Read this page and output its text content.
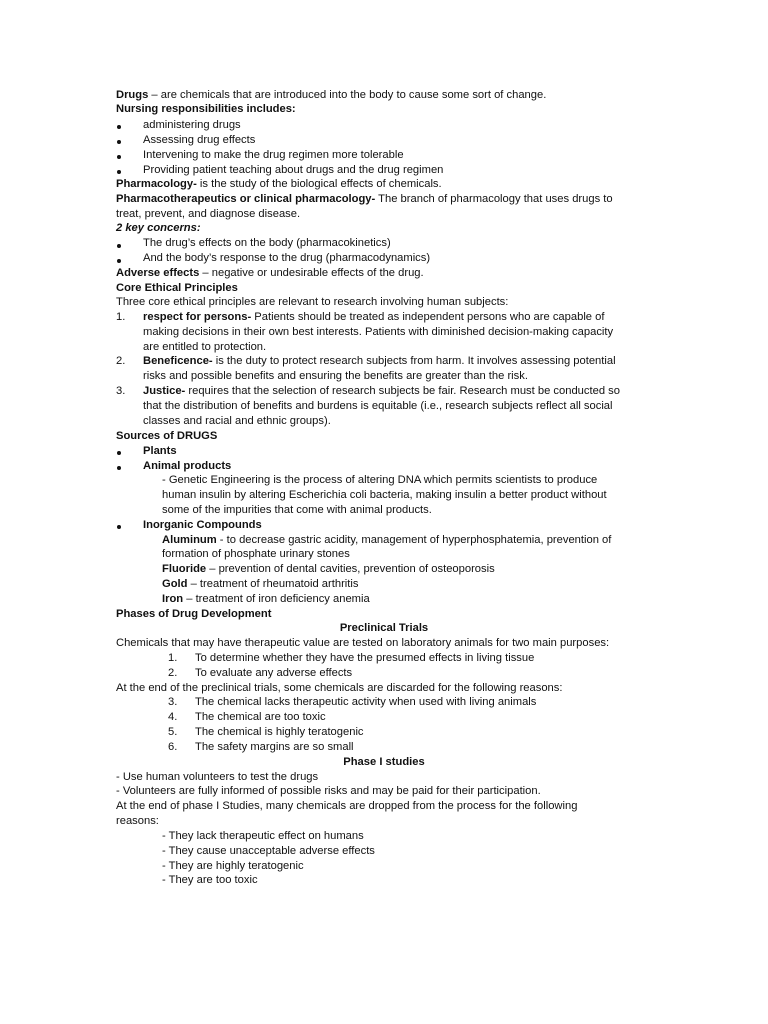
Drugs – are chemicals that are introduced into the body to cause some sort of change.
Nursing responsibilities includes:
administering drugs
Assessing drug effects
Intervening to make the drug regimen more tolerable
Providing patient teaching about drugs and the drug regimen
Pharmacology- is the study of the biological effects of chemicals.
Pharmacotherapeutics or clinical pharmacology- The branch of pharmacology that uses drugs to
treat, prevent, and diagnose disease.
2 key concerns:
The drug’s effects on the body (pharmacokinetics)
And the body’s response to the drug (pharmacodynamics)
Adverse effects – negative or undesirable effects of the drug.
Core Ethical Principles
Three core ethical principles are relevant to research involving human subjects:
1. respect for persons- Patients should be treated as independent persons who are capable of
making decisions in their own best interests. Patients with diminished decision-making capacity
are entitled to protection.
2. Beneficence- is the duty to protect research subjects from harm. It involves assessing potential
risks and possible benefits and ensuring the benefits are greater than the risk.
3. Justice- requires that the selection of research subjects be fair. Research must be conducted so
that the distribution of benefits and burdens is equitable (i.e., research subjects reflect all social
classes and racial and ethnic groups).
Sources of DRUGS
Plants
Animal products
- Genetic Engineering is the process of altering DNA which permits scientists to produce
human insulin by altering Escherichia coli bacteria, making insulin a better product without
some of the impurities that come with animal products.
Inorganic Compounds
Aluminum - to decrease gastric acidity, management of hyperphosphatemia, prevention of
formation of phosphate urinary stones
Fluoride – prevention of dental cavities, prevention of osteoporosis
Gold – treatment of rheumatoid arthritis
Iron – treatment of iron deficiency anemia
Phases of Drug Development
Preclinical Trials
Chemicals that may have therapeutic value are tested on laboratory animals for two main purposes:
1. To determine whether they have the presumed effects in living tissue
2. To evaluate any adverse effects
At the end of the preclinical trials, some chemicals are discarded for the following reasons:
3. The chemical lacks therapeutic activity when used with living animals
4. The chemical are too toxic
5. The chemical is highly teratogenic
6. The safety margins are so small
Phase I studies
- Use human volunteers to test the drugs
- Volunteers are fully informed of possible risks and may be paid for their participation.
At the end of phase I Studies, many chemicals are dropped from the process for the following
reasons:
- They lack therapeutic effect on humans
- They cause unacceptable adverse effects
- They are highly teratogenic
- They are too toxic
